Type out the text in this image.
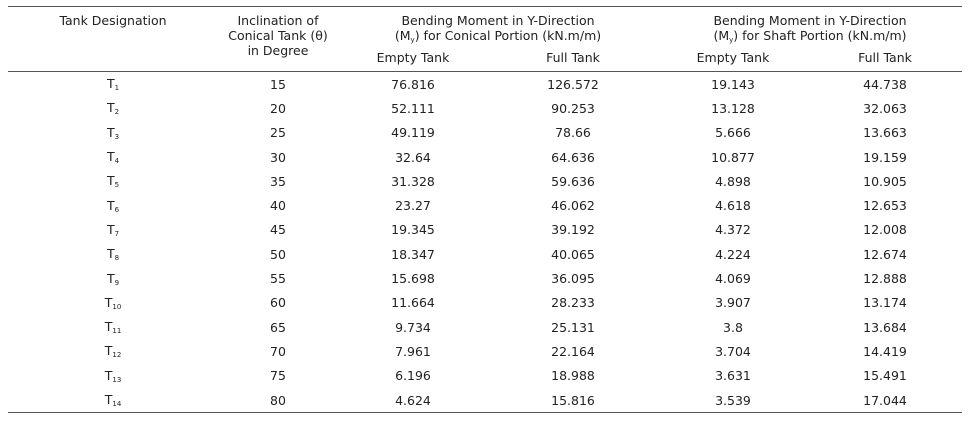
Tank Designation	Inclination of
Conical Tank (θ)
in Degree	Bending Moment in Y-Direction
(My) for Conical Portion (kN.m/m)		Bending Moment in Y-Direction
(My) for Shaft Portion (kN.m/m)	
		Empty Tank	Full Tank	Empty Tank	Full Tank
$T_1$	15	76.816	126.572	19.143	44.738
$T_2$	20	52.111	90.253	13.128	32.063
$T_3$	25	49.119	78.66	5.666	13.663
$T_4$	30	32.64	64.636	10.877	19.159
$T_5$	35	31.328	59.636	4.898	10.905
$T_6$	40	23.27	46.062	4.618	12.653
$T_7$	45	19.345	39.192	4.372	12.008
$T_8$	50	18.347	40.065	4.224	12.674
$T_9$	55	15.698	36.095	4.069	12.888
$T_{10}$	60	11.664	28.233	3.907	13.174
$T_{11}$	65	9.734	25.131	3.8	13.684
$T_{12}$	70	7.961	22.164	3.704	14.419
$T_{13}$	75	6.196	18.988	3.631	15.491
$T_{14}$	80	4.624	15.816	3.539	17.044
